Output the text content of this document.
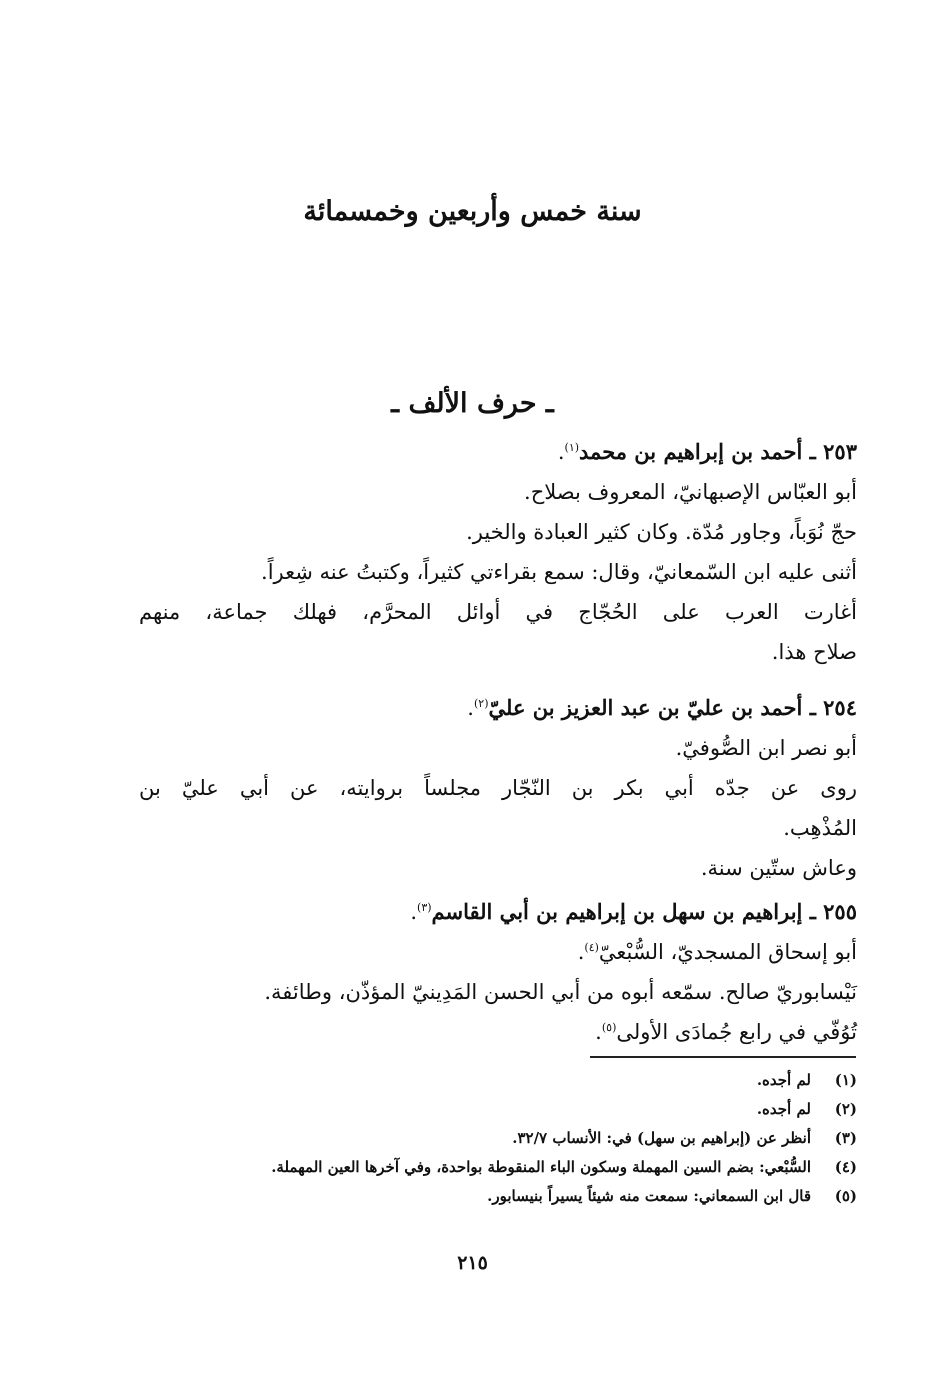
سنة خمس وأربعين وخمسمائة
ـ حرف الألف ـ
٢٥٣ ـ أحمد بن إبراهيم بن محمد$^{(١)}$.
أبو العبّاس الإصبهانيّ، المعروف بصلاح.
حجّ نُوَباً، وجاور مُدّة. وكان كثير العبادة والخير.
أثنى عليه ابن السّمعانيّ، وقال: سمع بقراءتي كثيراً، وكتبتُ عنه شِعراً.
أغارت العرب على الحُجّاج في أوائل المحرَّم، فهلك جماعة، منهم
صلاح هذا.
٢٥٤ ـ أحمد بن عليّ بن عبد العزيز بن عليّ$^{(٢)}$.
أبو نصر ابن الصُّوفيّ.
روى عن جدّه أبي بكر بن النّجّار مجلساً بروايته، عن أبي عليّ بن
المُذْهِب.
وعاش ستّين سنة.
٢٥٥ ـ إبراهيم بن سهل بن إبراهيم بن أبي القاسم$^{(٣)}$.
أبو إسحاق المسجديّ، السُّبْعيّ$^{(٤)}$.
نَيْسابوريّ صالح. سمّعه أبوه من أبي الحسن المَدِينيّ المؤذّن، وطائفة.
تُوُفّي في رابع جُمادَى الأولى$^{(٥)}$.
(١)
لم أجده.
(٢)
لم أجده.
(٣)
أنظر عن (إبراهيم بن سهل) في: الأنساب ٣٢/٧.
(٤)
السُّبْعي: بضم السين المهملة وسكون الباء المنقوطة بواحدة، وفي آخرها العين المهملة.
(٥)
قال ابن السمعاني: سمعت منه شيئاً يسيراً بنيسابور.
٢١٥
